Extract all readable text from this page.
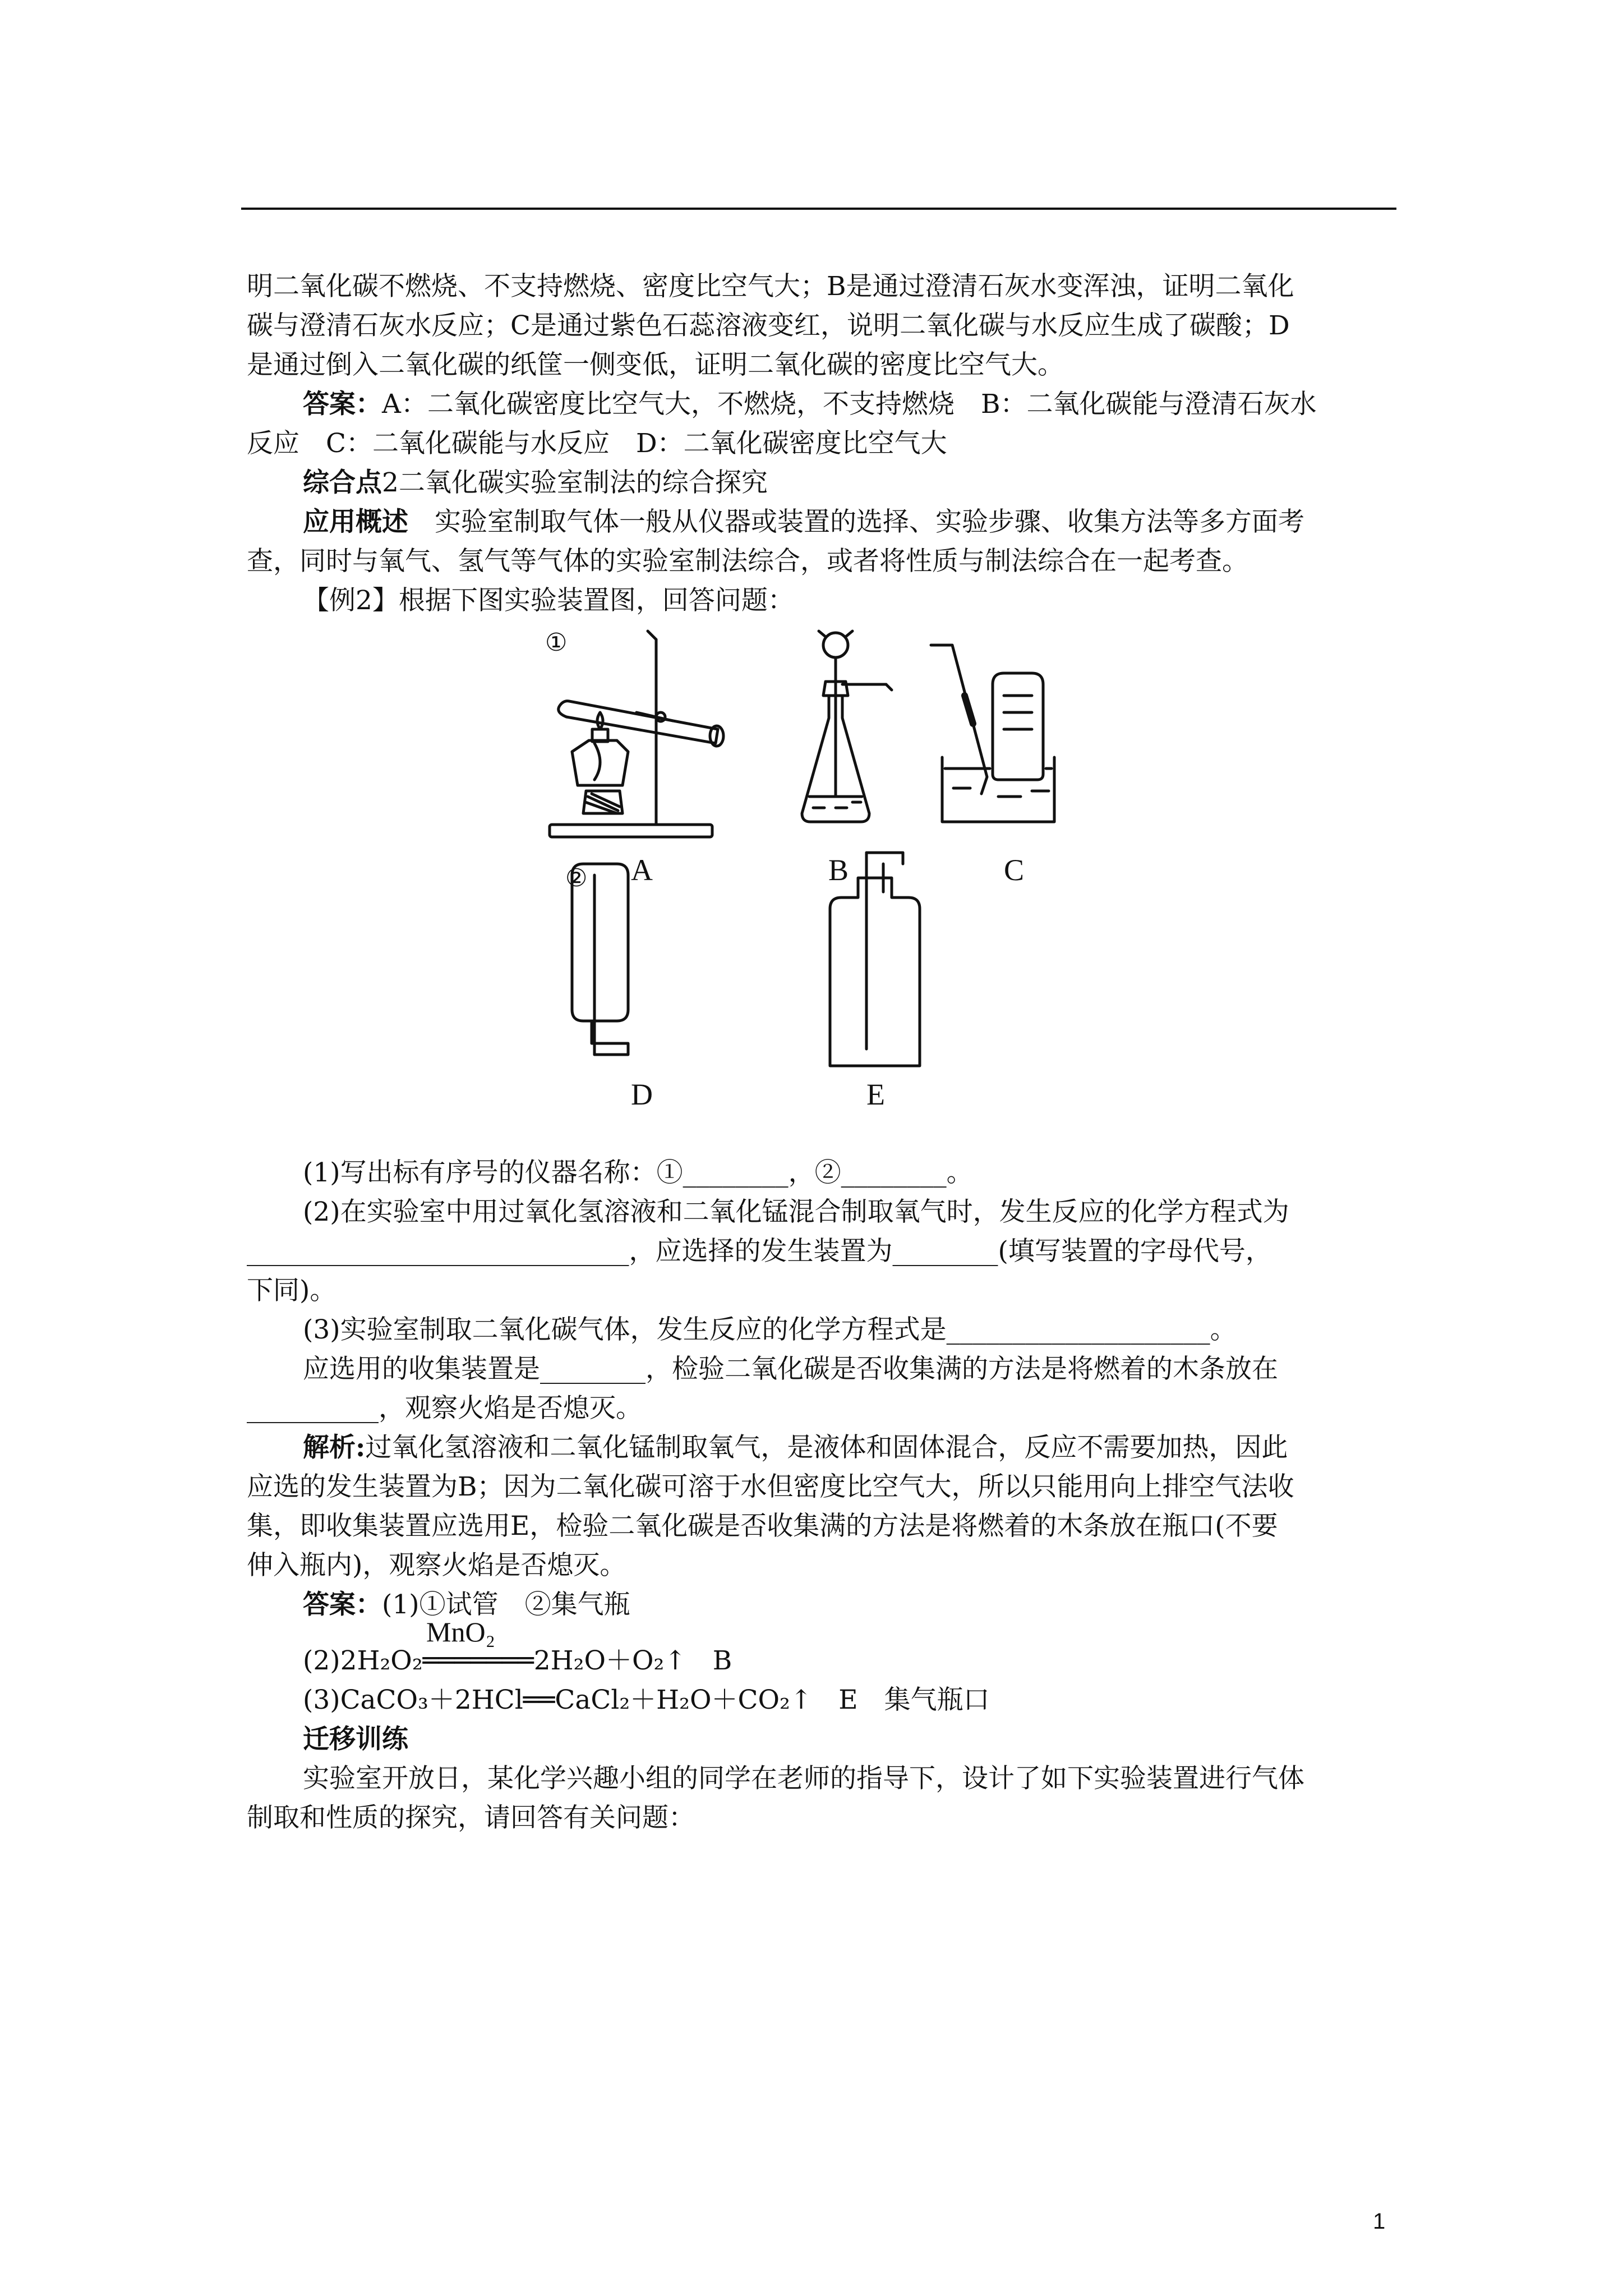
明二氧化碳不燃烧、不支持燃烧、密度比空气大；B是通过澄清石灰水变浑浊，证明二氧化
碳与澄清石灰水反应；C是通过紫色石蕊溶液变红，说明二氧化碳与水反应生成了碳酸；D
是通过倒入二氧化碳的纸筐一侧变低，证明二氧化碳的密度比空气大。
答案：A：二氧化碳密度比空气大，不燃烧，不支持燃烧　B：二氧化碳能与澄清石灰水
反应　C：二氧化碳能与水反应　D：二氧化碳密度比空气大
综合点2二氧化碳实验室制法的综合探究
应用概述　实验室制取气体一般从仪器或装置的选择、实验步骤、收集方法等多方面考
查，同时与氧气、氢气等气体的实验室制法综合，或者将性质与制法综合在一起考查。
【例2】根据下图实验装置图，回答问题：
①
② A	B	C
D	E
(1)写出标有序号的仪器名称：①________，②________。
(2)在实验室中用过氧化氢溶液和二氧化锰混合制取氧气时，发生反应的化学方程式为
_____________________________，应选择的发生装置为________(填写装置的字母代号，
下同)。
(3)实验室制取二氧化碳气体，发生反应的化学方程式是____________________。
应选用的收集装置是________，检验二氧化碳是否收集满的方法是将燃着的木条放在
__________，观察火焰是否熄灭。
解析:过氧化氢溶液和二氧化锰制取氧气，是液体和固体混合，反应不需要加热，因此
应选的发生装置为B；因为二氧化碳可溶于水但密度比空气大，所以只能用向上排空气法收
集，即收集装置应选用E，检验二氧化碳是否收集满的方法是将燃着的木条放在瓶口(不要
伸入瓶内)，观察火焰是否熄灭。
答案：(1)①试管　②集气瓶
MnO₂
(2)2H₂O₂═══════2H₂O＋O₂↑　B
(3)CaCO₃＋2HCl══CaCl₂＋H₂O＋CO₂↑　E　集气瓶口
迁移训练
实验室开放日，某化学兴趣小组的同学在老师的指导下，设计了如下实验装置进行气体
制取和性质的探究，请回答有关问题：
1
